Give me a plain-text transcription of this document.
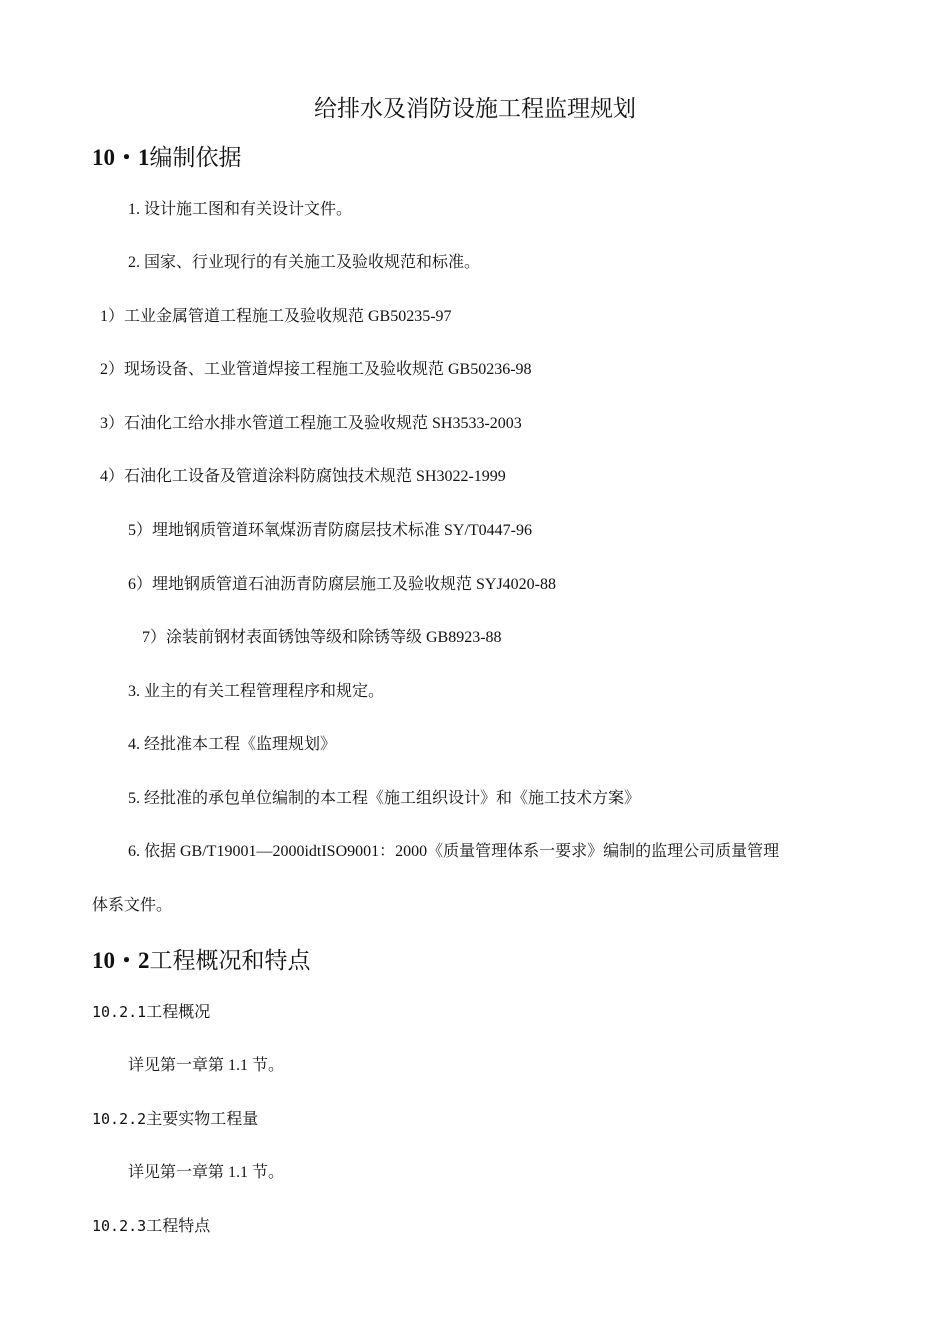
给排水及消防设施工程监理规划
10・1编制依据
1. 设计施工图和有关设计文件。
2. 国家、行业现行的有关施工及验收规范和标准。
1）工业金属管道工程施工及验收规范 GB50235-97
2）现场设备、工业管道焊接工程施工及验收规范 GB50236-98
3）石油化工给水排水管道工程施工及验收规范 SH3533-2003
4）石油化工设备及管道涂料防腐蚀技术规范 SH3022-1999
5）埋地钢质管道环氧煤沥青防腐层技术标准 SY/T0447-96
6）埋地钢质管道石油沥青防腐层施工及验收规范 SYJ4020-88
7）涂装前钢材表面锈蚀等级和除锈等级 GB8923-88
3. 业主的有关工程管理程序和规定。
4. 经批准本工程《监理规划》
5. 经批准的承包单位编制的本工程《施工组织设计》和《施工技术方案》
6. 依据 GB/T19001—2000idtISO9001：2000《质量管理体系一要求》编制的监理公司质量管理
体系文件。
10・2工程概况和特点
10.2.1工程概况
详见第一章第 1.1 节。
10.2.2主要实物工程量
详见第一章第 1.1 节。
10.2.3工程特点
